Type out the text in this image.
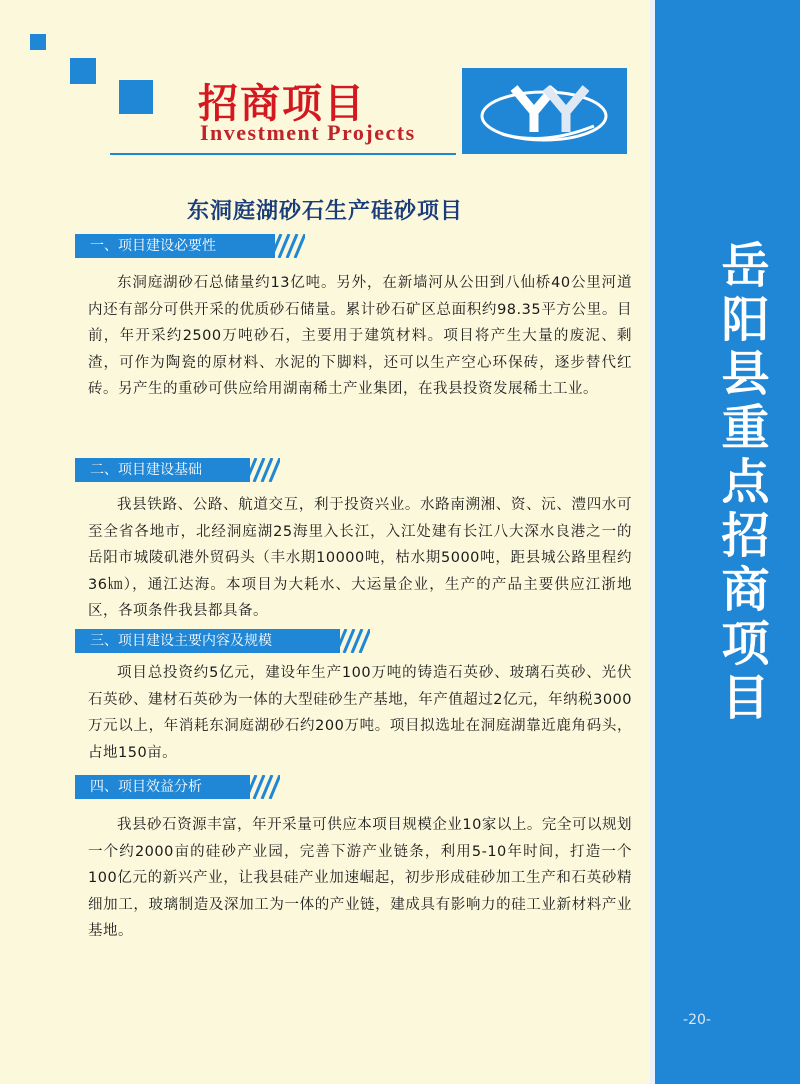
招商项目
Investment Projects
岳阳县重点招商项目
东洞庭湖砂石生产硅砂项目
一、项目建设必要性
东洞庭湖砂石总储量约13亿吨。另外，在新墙河从公田到八仙桥40公里河道内还有部分可供开采的优质砂石储量。累计砂石矿区总面积约98.35平方公里。目前，年开采约2500万吨砂石，主要用于建筑材料。项目将产生大量的废泥、剩渣，可作为陶瓷的原材料、水泥的下脚料，还可以生产空心环保砖，逐步替代红砖。另产生的重砂可供应给用湖南稀土产业集团，在我县投资发展稀土工业。
二、项目建设基础
我县铁路、公路、航道交互，利于投资兴业。水路南溯湘、资、沅、澧四水可至全省各地市，北经洞庭湖25海里入长江，入江处建有长江八大深水良港之一的岳阳市城陵矶港外贸码头（丰水期10000吨，枯水期5000吨，距县城公路里程约36㎞），通江达海。本项目为大耗水、大运量企业，生产的产品主要供应江浙地区，各项条件我县都具备。
三、项目建设主要内容及规模
项目总投资约5亿元，建设年生产100万吨的铸造石英砂、玻璃石英砂、光伏石英砂、建材石英砂为一体的大型硅砂生产基地，年产值超过2亿元，年纳税3000万元以上，年消耗东洞庭湖砂石约200万吨。项目拟选址在洞庭湖靠近鹿角码头，占地150亩。
四、项目效益分析
我县砂石资源丰富，年开采量可供应本项目规模企业10家以上。完全可以规划一个约2000亩的硅砂产业园，完善下游产业链条，利用5-10年时间，打造一个100亿元的新兴产业，让我县硅产业加速崛起，初步形成硅砂加工生产和石英砂精细加工，玻璃制造及深加工为一体的产业链，建成具有影响力的硅工业新材料产业基地。
-20-
